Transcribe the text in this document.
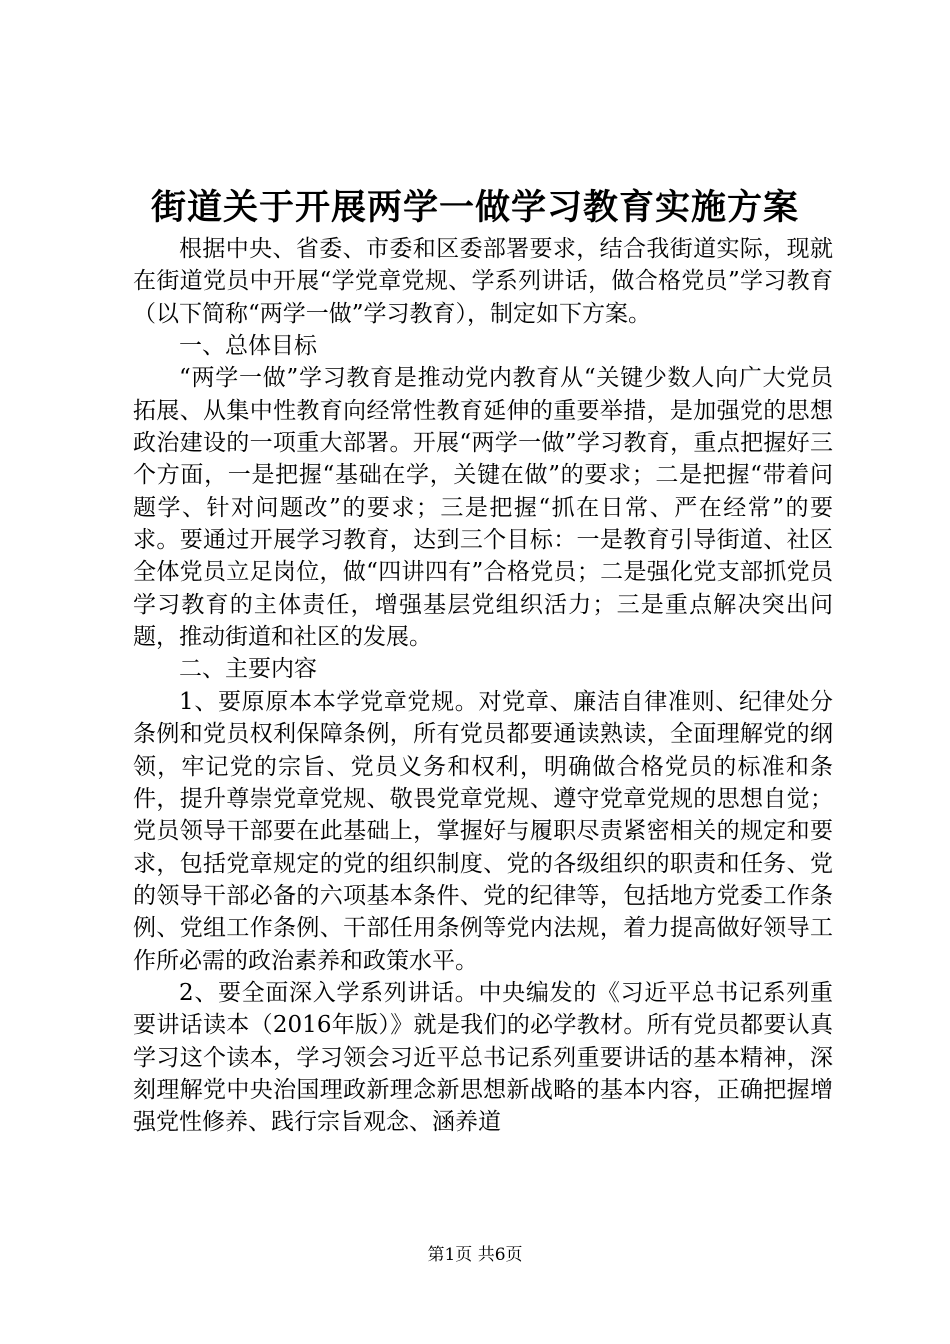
街道关于开展两学一做学习教育实施方案

根据中央、省委、市委和区委部署要求，结合我街道实际，现就在街道党员中开展“学党章党规、学系列讲话，做合格党员”学习教育（以下简称“两学一做”学习教育），制定如下方案。

一、总体目标

“两学一做”学习教育是推动党内教育从“关键少数人向广大党员拓展、从集中性教育向经常性教育延伸的重要举措，是加强党的思想政治建设的一项重大部署。开展“两学一做”学习教育，重点把握好三个方面，一是把握“基础在学，关键在做”的要求；二是把握“带着问题学、针对问题改”的要求；三是把握“抓在日常、严在经常”的要求。要通过开展学习教育，达到三个目标：一是教育引导街道、社区全体党员立足岗位，做“四讲四有”合格党员；二是强化党支部抓党员学习教育的主体责任，增强基层党组织活力；三是重点解决突出问题，推动街道和社区的发展。

二、主要内容

1、要原原本本学党章党规。对党章、廉洁自律准则、纪律处分条例和党员权利保障条例，所有党员都要通读熟读，全面理解党的纲领，牢记党的宗旨、党员义务和权利，明确做合格党员的标准和条件，提升尊崇党章党规、敬畏党章党规、遵守党章党规的思想自觉；党员领导干部要在此基础上，掌握好与履职尽责紧密相关的规定和要求，包括党章规定的党的组织制度、党的各级组织的职责和任务、党的领导干部必备的六项基本条件、党的纪律等，包括地方党委工作条例、党组工作条例、干部任用条例等党内法规，着力提高做好领导工作所必需的政治素养和政策水平。

2、要全面深入学系列讲话。中央编发的《习近平总书记系列重要讲话读本（2016年版）》就是我们的必学教材。所有党员都要认真学习这个读本，学习领会习近平总书记系列重要讲话的基本精神，深刻理解党中央治国理政新理念新思想新战略的基本内容，正确把握增强党性修养、践行宗旨观念、涵养道

第1页 共6页
